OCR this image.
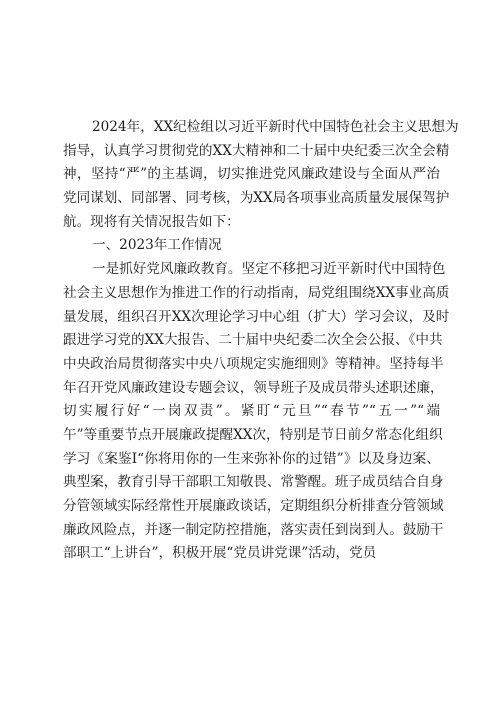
2024年，XX纪检组以习近平新时代中国特色社会主义思想为
指导，认真学习贯彻党的XX大精神和二十届中央纪委三次全会精
神，坚持“严”的主基调，切实推进党风廉政建设与全面从严治
党同谋划、同部署、同考核，为XX局各项事业高质量发展保驾护
航。现将有关情况报告如下：
一、2023年工作情况
一是抓好党风廉政教育。坚定不移把习近平新时代中国特色
社会主义思想作为推进工作的行动指南，局党组围绕XX事业高质
量发展，组织召开XX次理论学习中心组（扩大）学习会议，及时
跟进学习党的XX大报告、二十届中央纪委二次全会公报、《中共
中央政治局贯彻落实中央八项规定实施细则》等精神。坚持每半
年召开党风廉政建设专题会议，领导班子及成员带头述职述廉，
切实履行好“一岗双责”。紧盯“元旦”“春节”“五一”“端
午”等重要节点开展廉政提醒XX次，特别是节日前夕常态化组织
学习《案鉴I“你将用你的一生来弥补你的过错”》以及身边案、
典型案，教育引导干部职工知敬畏、常警醒。班子成员结合自身
分管领域实际经常性开展廉政谈话，定期组织分析排查分管领域
廉政风险点，并逐一制定防控措施，落实责任到岗到人。鼓励干
部职工“上讲台”，积极开展“党员讲党课”活动，党员
